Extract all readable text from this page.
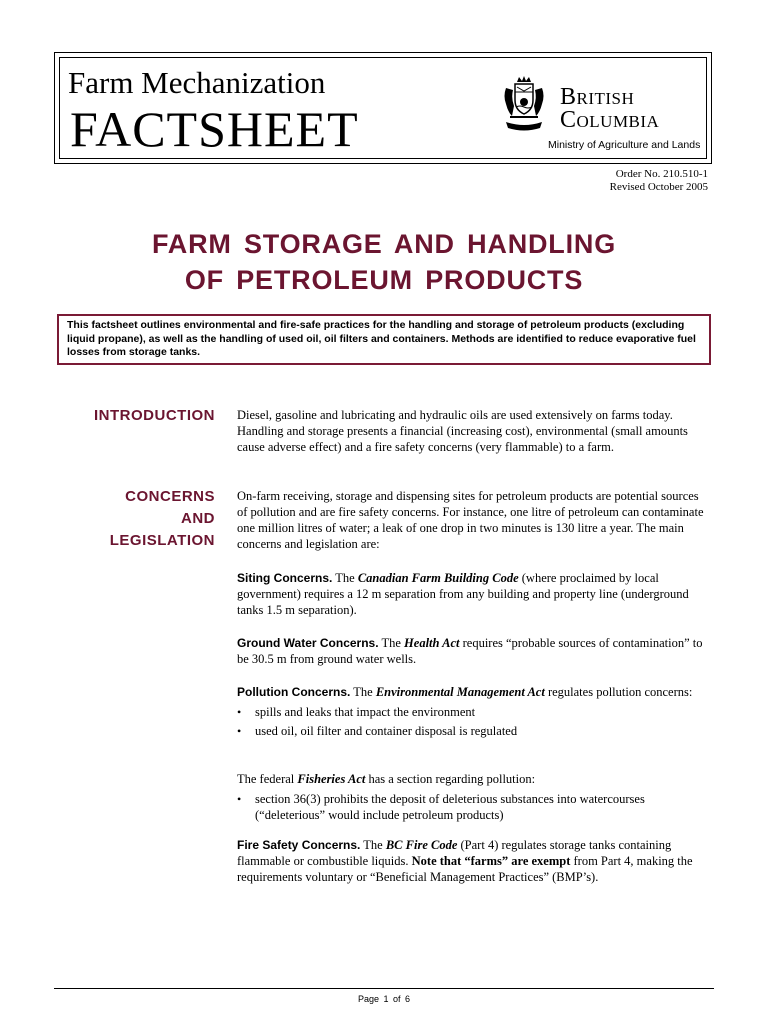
Farm Mechanization
FACTSHEET
British
Columbia
Ministry of Agriculture and Lands
Order No. 210.510-1
Revised October 2005
FARM STORAGE AND HANDLING
OF PETROLEUM PRODUCTS
This factsheet outlines environmental and fire-safe practices for the handling and storage of petroleum products (excluding liquid propane), as well as the handling of used oil, oil filters and containers. Methods are identified to reduce evaporative fuel losses from storage tanks.
INTRODUCTION Diesel, gasoline and lubricating and hydraulic oils are used extensively on farms today. Handling and storage presents a financial (increasing cost), environmental (small amounts cause adverse effect) and a fire safety concerns (very flammable) to a farm.

CONCERNS
AND
LEGISLATION

On-farm receiving, storage and dispensing sites for petroleum products are potential sources of pollution and are fire safety concerns. For instance, one litre of petroleum can contaminate one million litres of water; a leak of one drop in two minutes is 130 litre a year. The main concerns and legislation are:

Siting Concerns. The Canadian Farm Building Code (where proclaimed by local government) requires a 12 m separation from any building and property line (underground tanks 1.5 m separation).

Ground Water Concerns. The Health Act requires “probable sources of contamination” to be 30.5 m from ground water wells.

Pollution Concerns. The Environmental Management Act regulates pollution concerns:

• spills and leaks that impact the environment
• used oil, oil filter and container disposal is regulated

The federal Fisheries Act has a section regarding pollution:

• section 36(3) prohibits the deposit of deleterious substances into watercourses (“deleterious” would include petroleum products)

Fire Safety Concerns. The BC Fire Code (Part 4) regulates storage tanks containing flammable or combustible liquids. Note that “farms” are exempt from Part 4, making the requirements voluntary or “Beneficial Management Practices” (BMP’s).

Page 1 of 6
